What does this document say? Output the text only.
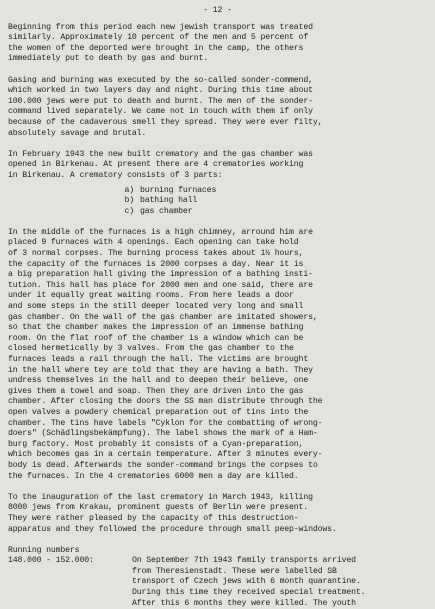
- 12 -
Beginning from this period each new jewish transport was treated
similarly. Approximately 10 percent of the men and 5 percent of
the women of the deported were brought in the camp, the others
immediately put to death by gas and burnt.
Gasing and burning was executed by the so-called sonder-commend,
which worked in two layers day and night. During this time about
100.000 jews were put to death and burnt. The men of the sonder-
command lived separately. We came not in touch with them if only
because of the cadaverous smell they spread. They were ever filty,
absolutely savage and brutal.
In February 1943 the new built crematory and the gas chamber was
opened in Birkenau. At present there are 4 crematories working
in Birkenau. A crematory consists of 3 parts:
a) burning furnaces
b) bathing hall
c) gas chamber
In the middle of the furnaces is a high chimney, arround him are
placed 9 furnaces with 4 openings. Each opening can take hold
of 3 normal corpses. The burning process takes about 1½ hours,
the capacity of the furnaces is 2000 corpses a day. Near it is
a big preparation hall giving the impression of a bathing insti-
tution. This hall has place for 2000 men and one said, there are
under it equally great waiting rooms. From here leads a door
and some steps in the still deeper located very long and small
gas chamber. On the wall of the gas chamber are imitated showers,
so that the chamber makes the impression of an immense bathing
room. On the flat roof of the chamber is a window which can be
closed hermetically by 3 valves. From the gas chamber to the
furnaces leads a rail through the hall. The victims are brought
in the hall where tey are told that they are having a bath. They
undress themselves in the hall and to deepen their believe, one
gives them a towel and soap. Then they are driven into the gas
chamber. After closing the doors the SS man distribute through the
open valves a powdery chemical preparation out of tins into the
chamber. The tins have labels "Cyklon for the combatting of wrong-
doers" (Schädlingsbekämpfung). The label shows the mark of a Ham-
burg factory. Most probably it consists of a Cyan-preparation,
which becomes gas in a certain temperature. After 3 minutes every-
body is dead. Afterwards the sonder-command brings the corpses to
the furnaces. In the 4 crematories 6000 men a day are killed.
To the inauguration of the last crematory in March 1943, killing
8000 jews from Krakau, prominent guests of Berlin were present.
They were rather pleased by the capacity of this destruction-
apparatus and they followed the procedure through small peep-windows.
Running numbers
148.000 - 152.000:	On September 7th 1943 family transports arrived
from Theresienstadt. These were labelled SB
transport of Czech jews with 6 month quarantine.
During this time they received special treatment.
After this 6 months they were killed. The youth
